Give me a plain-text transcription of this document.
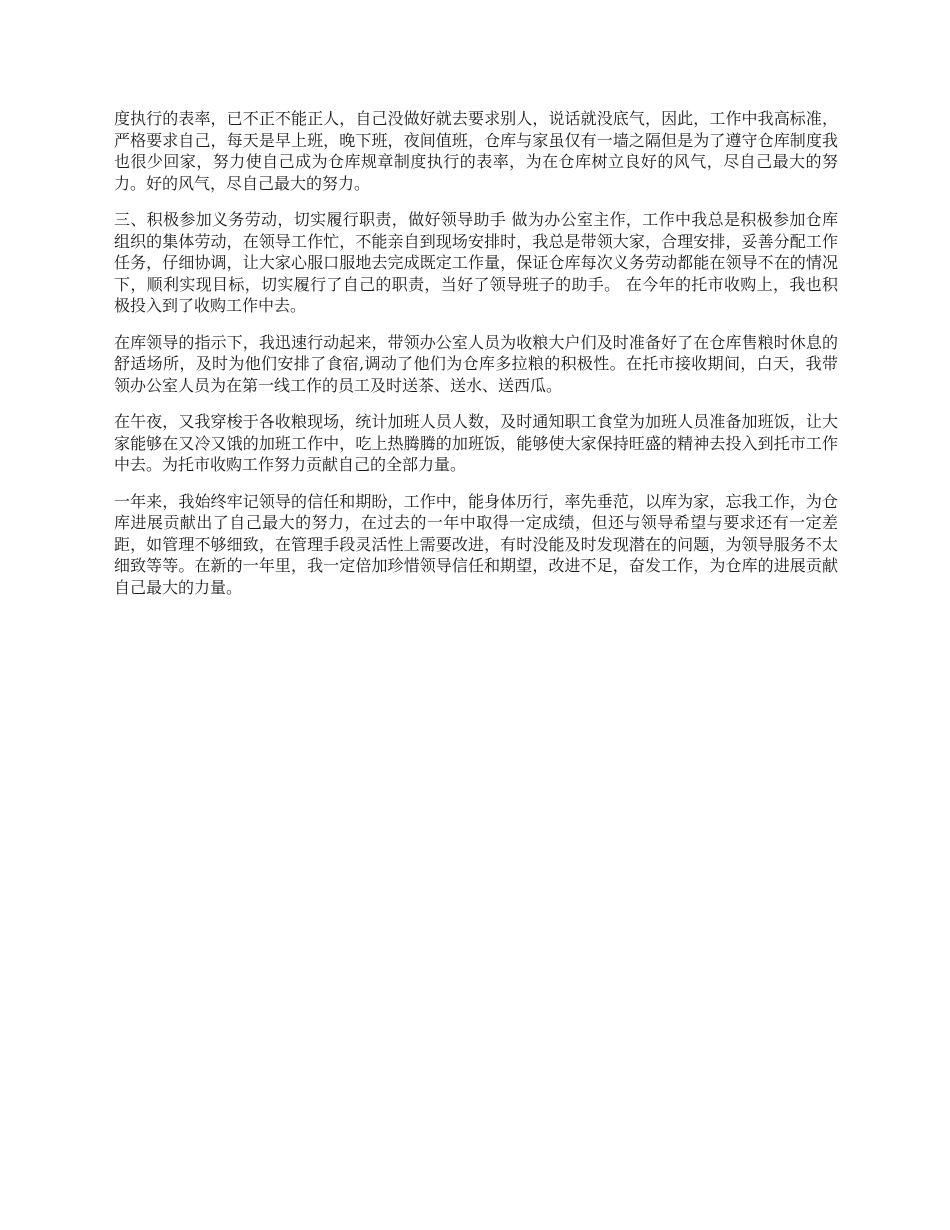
度执行的表率，已不正不能正人，自己没做好就去要求别人，说话就没底气，因此，工作中我高标准，严格要求自己，每天是早上班，晚下班，夜间值班，仓库与家虽仅有一墙之隔但是为了遵守仓库制度我也很少回家，努力使自己成为仓库规章制度执行的表率，为在仓库树立良好的风气，尽自己最大的努力。好的风气，尽自己最大的努力。

三、积极参加义务劳动，切实履行职责，做好领导助手 做为办公室主作，工作中我总是积极参加仓库组织的集体劳动，在领导工作忙，不能亲自到现场安排时，我总是带领大家，合理安排，妥善分配工作任务，仔细协调，让大家心服口服地去完成既定工作量，保证仓库每次义务劳动都能在领导不在的情况下，顺利实现目标，切实履行了自己的职责，当好了领导班子的助手。 在今年的托市收购上，我也积极投入到了收购工作中去。

在库领导的指示下，我迅速行动起来，带领办公室人员为收粮大户们及时准备好了在仓库售粮时休息的舒适场所，及时为他们安排了食宿,调动了他们为仓库多拉粮的积极性。在托市接收期间，白天，我带领办公室人员为在第一线工作的员工及时送茶、送水、送西瓜。

在午夜，又我穿梭于各收粮现场，统计加班人员人数，及时通知职工食堂为加班人员准备加班饭，让大家能够在又冷又饿的加班工作中，吃上热腾腾的加班饭，能够使大家保持旺盛的精神去投入到托市工作中去。为托市收购工作努力贡献自己的全部力量。

一年来，我始终牢记领导的信任和期盼，工作中，能身体历行，率先垂范，以库为家，忘我工作，为仓库进展贡献出了自己最大的努力，在过去的一年中取得一定成绩，但还与领导希望与要求还有一定差距，如管理不够细致，在管理手段灵活性上需要改进，有时没能及时发现潜在的问题，为领导服务不太细致等等。在新的一年里，我一定倍加珍惜领导信任和期望，改进不足，奋发工作，为仓库的进展贡献自己最大的力量。
